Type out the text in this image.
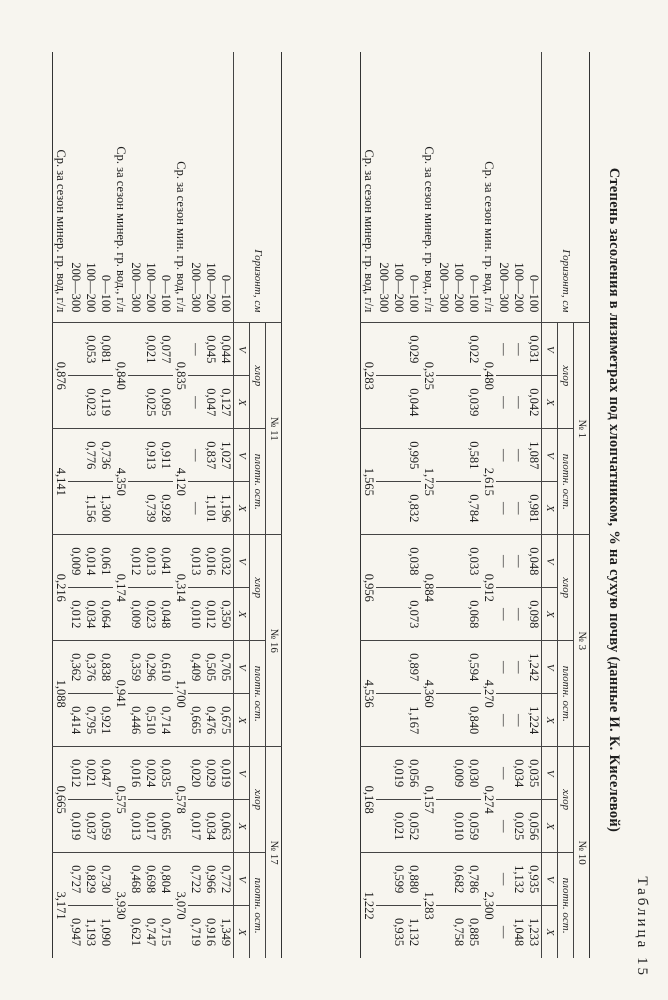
Таблица 15
Степень засоления в лизиметрах под хлопчатником, % на сухую почву (данные И. К. Киселевой)
Горизонт, см	№ 1				№ 3				№ 10			
	хлор		плотн. ост.		хлор		плотн. ост.		хлор		плотн. ост.	
	V	X	V	X	V	X	V	X	V	X	V	X
0—100	0,031	0,042	1,087	0,981	0,048	0,098	1,242	1,224	0,035	0,056	0,935	1,233
100—200	—	—	—	—	—	—	—	—	0,034	0,025	1,132	1,048
200—300	—	—	—	—	—	—	—	—	—	—	—	—
Ср. за сезон мин. гр. вод, г/л	0,480		2,615		0,912		4,270		0,274		2,300	
0—100	0,022	0,039	0,581	0,784	0,033	0,068	0,594	0,840	0,030	0,059	0,786	0,885
100—200									0,009	0,010	0,682	0,758
200—300												
Ср. за сезон минер. гр. вод., г/л	0,325		1,725		0,884		4,360		0,157		1,283	
0—100	0,029	0,044	0,995	0,832	0,038	0,073	0,897	1,167	0,056	0,052	0,880	1,132
100—200									0,019	0,021	0,599	0,935
200—300												
Ср. за сезон минер. гр. вод, г/л	0,283		1,565		0,956		4,536		0,168		1,222	

Горизонт, см	№ 11				№ 16				№ 17			
	хлор		плотн. ост.		хлор		плотн. ост.		хлор		плотн. ост.	
	V	X	V	X	V	X	V	X	V	X	V	X
0—100	0,044	0,127	1,027	1,196	0,032	0,350	0,705	0,675	0,019	0,063	0,772	1,349
100—200	0,045	0,047	0,837	1,101	0,016	0,012	0,505	0,476	0,029	0,034	0,966	0,916
200—300	—	—	—	—	0,013	0,010	0,409	0,665	0,020	0,017	0,722	0,719
Ср. за сезон мин. гр. вод, г/л	0,835		4,120		0,314		1,700		0,578		3,070	
0—100	0,077	0,095	0,911	0,928	0,041	0,048	0,610	0,714	0,035	0,065	0,804	0,715
100—200	0,021	0,025	0,913	0,739	0,013	0,023	0,296	0,510	0,024	0,017	0,698	0,747
200—300					0,012	0,009	0,359	0,446	0,016	0,013	0,468	0,621
Ср. за сезон минер. гр. вод., г/л	0,840		4,350		0,174		0,941		0,575		3,930	
0—100	0,081	0,119	0,736	1,300	0,061	0,064	0,838	0,921	0,047	0,059	0,730	1,090
100—200	0,053	0,023	0,776	1,156	0,014	0,034	0,376	0,795	0,021	0,037	0,829	1,193
200—300					0,009	0,012	0,362	0,414	0,012	0,019	0,727	0,947
Ср. за сезон минер. гр. вод, г/л	0,876		4,141		0,216		1,088		0,665		3,171	
